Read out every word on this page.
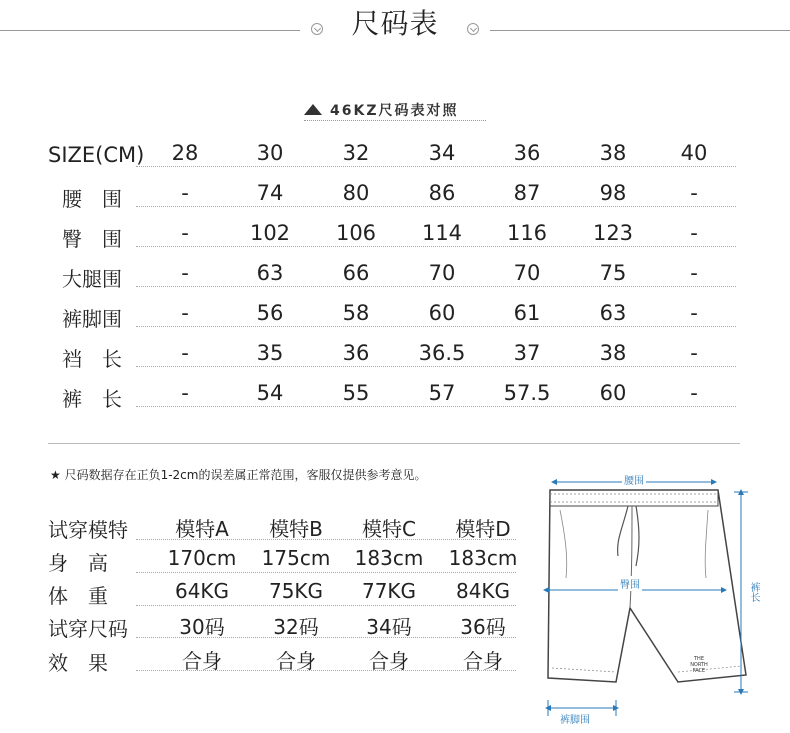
尺码表
46KZ尺码表对照
SIZE(CM)	28	30	32	34	36	38	40
腰　围	-	74	80	86	87	98	-
臀　围	-	102	106	114	116	123	-
大腿围	-	63	66	70	70	75	-
裤脚围	-	56	58	60	61	63	-
裆　长	-	35	36	36.5	37	38	-
裤　长	-	54	55	57	57.5	60	-
★ 尺码数据存在正负1-2cm的误差属正常范围，客服仅提供参考意见。
试穿模特	模特A	模特B	模特C	模特D
身　高	170cm	175cm	183cm	183cm
体　重	64KG	75KG	77KG	84KG
试穿尺码	30码	32码	34码	36码
效　果	合身	合身	合身	合身
腰围
臀围	裤长
裤脚围
THE
NORTH
FACE
